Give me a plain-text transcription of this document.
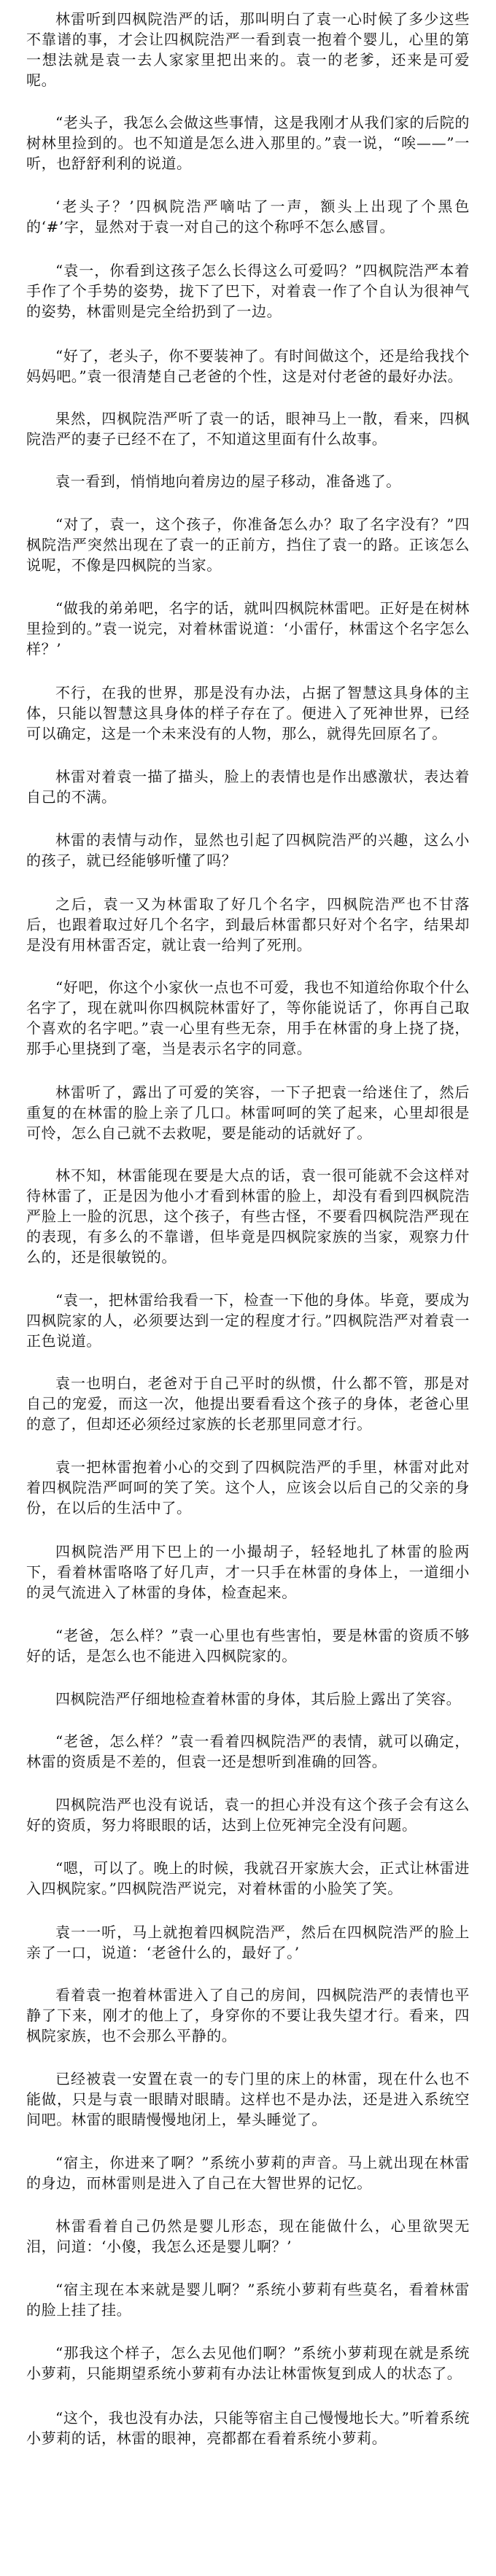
林雷听到四枫院浩严的话，那叫明白了袁一心时候了多少这些不靠谱的事，才会让四枫院浩严一看到袁一抱着个婴儿，心里的第一想法就是袁一去人家家里把出来的。袁一的老爹，还来是可爱呢。

“老头子，我怎么会做这些事情，这是我刚才从我们家的后院的树林里捡到的。也不知道是怎么进入那里的。”袁一说，“唉——”一听，也舒舒利利的说道。

‘老头子？’四枫院浩严嘀咕了一声，额头上出现了个黑色的‘#’字，显然对于袁一对自己的这个称呼不怎么感冒。

“袁一，你看到这孩子怎么长得这么可爱吗？”四枫院浩严本着手作了个手势的姿势，拢下了巴下，对着袁一作了个自认为很神气的姿势，林雷则是完全给扔到了一边。

“好了，老头子，你不要装神了。有时间做这个，还是给我找个妈妈吧。”袁一很清楚自己老爸的个性，这是对付老爸的最好办法。

果然，四枫院浩严听了袁一的话，眼神马上一散，看来，四枫院浩严的妻子已经不在了，不知道这里面有什么故事。

袁一看到，悄悄地向着房边的屋子移动，准备逃了。

“对了，袁一，这个孩子，你准备怎么办？取了名字没有？”四枫院浩严突然出现在了袁一的正前方，挡住了袁一的路。正该怎么说呢，不像是四枫院的当家。

“做我的弟弟吧，名字的话，就叫四枫院林雷吧。正好是在树林里捡到的。”袁一说完，对着林雷说道：‘小雷仔，林雷这个名字怎么样？’

不行，在我的世界，那是没有办法，占据了智慧这具身体的主体，只能以智慧这具身体的样子存在了。便进入了死神世界，已经可以确定，这是一个未来没有的人物，那么，就得先回原名了。

林雷对着袁一描了描头，脸上的表情也是作出感激状，表达着自己的不满。

林雷的表情与动作，显然也引起了四枫院浩严的兴趣，这么小的孩子，就已经能够听懂了吗？

之后，袁一又为林雷取了好几个名字，四枫院浩严也不甘落后，也跟着取过好几个名字，到最后林雷都只好对个名字，结果却是没有用林雷否定，就让袁一给判了死刑。

“好吧，你这个小家伙一点也不可爱，我也不知道给你取个什么名字了，现在就叫你四枫院林雷好了，等你能说话了，你再自己取个喜欢的名字吧。”袁一心里有些无奈，用手在林雷的身上挠了挠，那手心里挠到了毫，当是表示名字的同意。

林雷听了，露出了可爱的笑容，一下子把袁一给迷住了，然后重复的在林雷的脸上亲了几口。林雷呵呵的笑了起来，心里却很是可怜，怎么自己就不去救呢，要是能动的话就好了。

林不知，林雷能现在要是大点的话，袁一很可能就不会这样对待林雷了，正是因为他小才看到林雷的脸上，却没有看到四枫院浩严脸上一脸的沉思，这个孩子，有些古怪，不要看四枫院浩严现在的表现，有多么的不靠谱，但毕竟是四枫院家族的当家，观察力什么的，还是很敏锐的。

“袁一，把林雷给我看一下，检查一下他的身体。毕竟，要成为四枫院家的人，必须要达到一定的程度才行。”四枫院浩严对着袁一正色说道。

袁一也明白，老爸对于自己平时的纵惯，什么都不管，那是对自己的宠爱，而这一次，他提出要看看这个孩子的身体，老爸心里的意了，但却还必须经过家族的长老那里同意才行。

袁一把林雷抱着小心的交到了四枫院浩严的手里，林雷对此对着四枫院浩严呵呵的笑了笑。这个人，应该会以后自己的父亲的身份，在以后的生活中了。

四枫院浩严用下巴上的一小撮胡子，轻轻地扎了林雷的脸两下，看着林雷咯咯了好几声，才一只手在林雷的身体上，一道细小的灵气流进入了林雷的身体，检查起来。

“老爸，怎么样？”袁一心里也有些害怕，要是林雷的资质不够好的话，是怎么也不能进入四枫院家的。

四枫院浩严仔细地检查着林雷的身体，其后脸上露出了笑容。

“老爸，怎么样？”袁一看着四枫院浩严的表情，就可以确定，林雷的资质是不差的，但袁一还是想听到准确的回答。

四枫院浩严也没有说话，袁一的担心并没有这个孩子会有这么好的资质，努力将眼眼的话，达到上位死神完全没有问题。

“嗯，可以了。晚上的时候，我就召开家族大会，正式让林雷进入四枫院家。”四枫院浩严说完，对着林雷的小脸笑了笑。

袁一一听，马上就抱着四枫院浩严，然后在四枫院浩严的脸上亲了一口，说道：‘老爸什么的，最好了。’

看着袁一抱着林雷进入了自己的房间，四枫院浩严的表情也平静了下来，刚才的他上了，身穿你的不要让我失望才行。看来，四枫院家族，也不会那么平静的。

已经被袁一安置在袁一的专门里的床上的林雷，现在什么也不能做，只是与袁一眼睛对眼睛。这样也不是办法，还是进入系统空间吧。林雷的眼睛慢慢地闭上，晕头睡觉了。

“宿主，你进来了啊？”系统小萝莉的声音。马上就出现在林雷的身边，而林雷则是进入了自己在大智世界的记忆。

林雷看着自己仍然是婴儿形态，现在能做什么，心里欲哭无泪，问道：‘小傻，我怎么还是婴儿啊？’

“宿主现在本来就是婴儿啊？”系统小萝莉有些莫名，看着林雷的脸上挂了挂。

“那我这个样子，怎么去见他们啊？”系统小萝莉现在就是系统小萝莉，只能期望系统小萝莉有办法让林雷恢复到成人的状态了。

“这个，我也没有办法，只能等宿主自己慢慢地长大。”听着系统小萝莉的话，林雷的眼神，亮都都在看着系统小萝莉。
